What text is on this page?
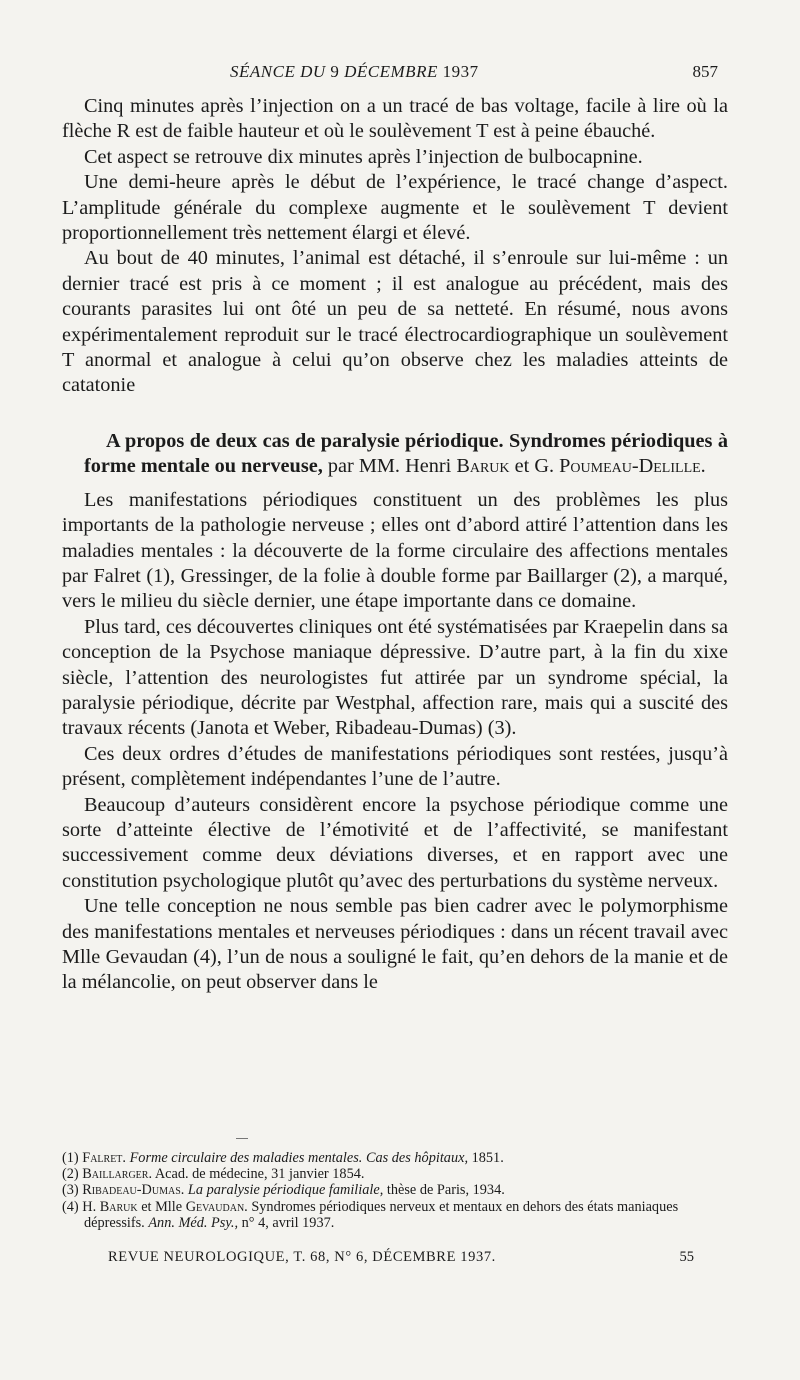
SÉANCE DU 9 DÉCEMBRE 1937	857

Cinq minutes après l’injection on a un tracé de bas voltage, facile à lire où la flèche R est de faible hauteur et où le soulèvement T est à peine ébauché.

Cet aspect se retrouve dix minutes après l’injection de bulbocapnine.

Une demi-heure après le début de l’expérience, le tracé change d’aspect. L’amplitude générale du complexe augmente et le soulèvement T devient proportionnellement très nettement élargi et élevé.

Au bout de 40 minutes, l’animal est détaché, il s’enroule sur lui-même : un dernier tracé est pris à ce moment ; il est analogue au précédent, mais des courants parasites lui ont ôté un peu de sa netteté. En résumé, nous avons expérimentalement reproduit sur le tracé électrocardiographique un soulèvement T anormal et analogue à celui qu’on observe chez les maladies atteints de catatonie

A propos de deux cas de paralysie périodique. Syndromes périodiques à forme mentale ou nerveuse, par MM. Henri Baruk et G. Poumeau-Delille.

Les manifestations périodiques constituent un des problèmes les plus importants de la pathologie nerveuse ; elles ont d’abord attiré l’attention dans les maladies mentales : la découverte de la forme circulaire des affections mentales par Falret (1), Gressinger, de la folie à double forme par Baillarger (2), a marqué, vers le milieu du siècle dernier, une étape importante dans ce domaine.

Plus tard, ces découvertes cliniques ont été systématisées par Kraepelin dans sa conception de la Psychose maniaque dépressive. D’autre part, à la fin du xixe siècle, l’attention des neurologistes fut attirée par un syndrome spécial, la paralysie périodique, décrite par Westphal, affection rare, mais qui a suscité des travaux récents (Janota et Weber, Ribadeau-Dumas) (3).

Ces deux ordres d’études de manifestations périodiques sont restées, jusqu’à présent, complètement indépendantes l’une de l’autre.

Beaucoup d’auteurs considèrent encore la psychose périodique comme une sorte d’atteinte élective de l’émotivité et de l’affectivité, se manifestant successivement comme deux déviations diverses, et en rapport avec une constitution psychologique plutôt qu’avec des perturbations du système nerveux.

Une telle conception ne nous semble pas bien cadrer avec le polymorphisme des manifestations mentales et nerveuses périodiques : dans un récent travail avec Mlle Gevaudan (4), l’un de nous a souligné le fait, qu’en dehors de la manie et de la mélancolie, on peut observer dans le

(1) Falret. Forme circulaire des maladies mentales. Cas des hôpitaux, 1851.
(2) Baillarger. Acad. de médecine, 31 janvier 1854.
(3) Ribadeau-Dumas. La paralysie périodique familiale, thèse de Paris, 1934.
(4) H. Baruk et Mlle Gevaudan. Syndromes périodiques nerveux et mentaux en dehors des états maniaques dépressifs. Ann. Méd. Psy., n° 4, avril 1937.
REVUE NEUROLOGIQUE, T. 68, N° 6, DÉCEMBRE 1937.	55
